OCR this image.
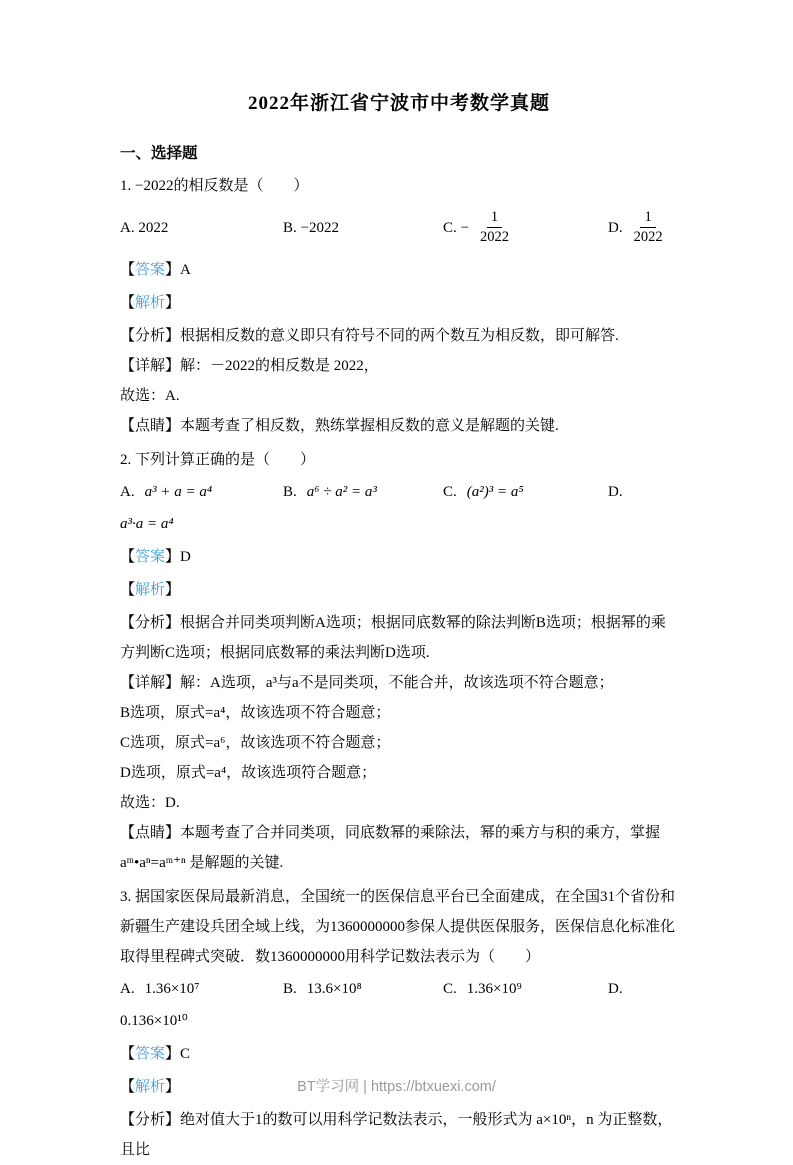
2022年浙江省宁波市中考数学真题
一、选择题

1. −2022的相反数是（　　）

A. 2022	B. −2022	C. − $\frac{1}{2022}$	D. $\frac{1}{2022}$

【答案】A

【解析】

【分析】根据相反数的意义即只有符号不同的两个数互为相反数，即可解答.

【详解】解：－2022的相反数是 2022，

故选：A.

【点睛】本题考查了相反数，熟练掌握相反数的意义是解题的关键.

2. 下列计算正确的是（　　）

A. a³ + a = a⁴	B. a⁶ ÷ a² = a³	C. (a²)³ = a⁵	D.

a³·a = a⁴

【答案】D

【解析】

【分析】根据合并同类项判断A选项；根据同底数幂的除法判断B选项；根据幂的乘方判断C选项；根据同底数幂的乘法判断D选项.

【详解】解：A选项，a³与a不是同类项，不能合并，故该选项不符合题意；

B选项，原式=a⁴，故该选项不符合题意；

C选项，原式=a⁶，故该选项不符合题意；

D选项，原式=a⁴，故该选项符合题意；

故选：D.

【点睛】本题考查了合并同类项，同底数幂的乘除法，幂的乘方与积的乘方，掌握 aᵐ•aⁿ=aᵐ⁺ⁿ 是解题的关键.

3. 据国家医保局最新消息，全国统一的医保信息平台已全面建成，在全国31个省份和新疆生产建设兵团全域上线，为1360000000参保人提供医保服务，医保信息化标准化取得里程碑式突破．数1360000000用科学记数法表示为（　　）

A. 1.36×10⁷	B. 13.6×10⁸	C. 1.36×10⁹	D.

0.136×10¹⁰

【答案】C

【解析】

【分析】绝对值大于1的数可以用科学记数法表示，一般形式为 a×10ⁿ，n 为正整数，且比

BT学习网 | https://btxuexi.com/
